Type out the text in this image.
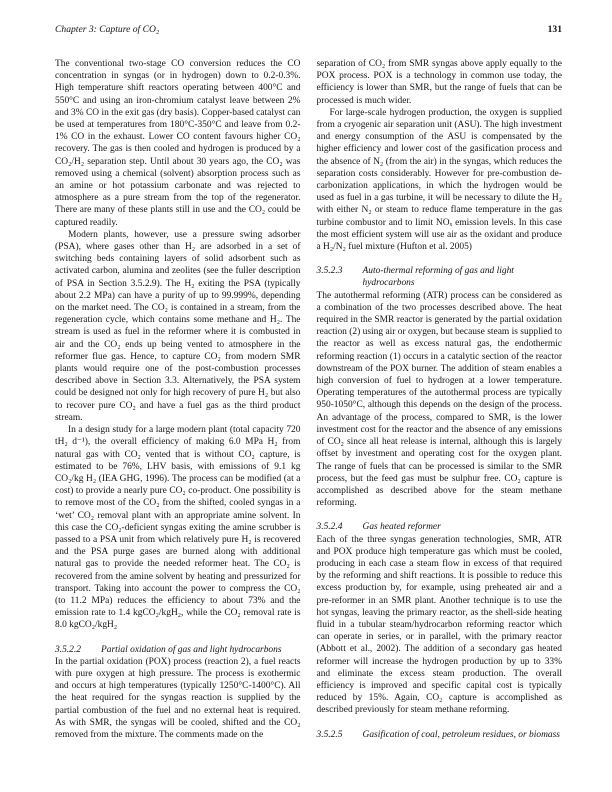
Chapter 3: Capture of CO₂	131

The conventional two-stage CO conversion reduces the CO concentration in syngas (or in hydrogen) down to 0.2-0.3%. High temperature shift reactors operating between 400°C and 550°C and using an iron-chromium catalyst leave between 2% and 3% CO in the exit gas (dry basis). Copper-based catalyst can be used at temperatures from 180°C-350°C and leave from 0.2-1% CO in the exhaust. Lower CO content favours higher CO₂ recovery. The gas is then cooled and hydrogen is produced by a CO₂/H₂ separation step. Until about 30 years ago, the CO₂ was removed using a chemical (solvent) absorption process such as an amine or hot potassium carbonate and was rejected to atmosphere as a pure stream from the top of the regenerator. There are many of these plants still in use and the CO₂ could be captured readily.

Modern plants, however, use a pressure swing adsorber (PSA), where gases other than H₂ are adsorbed in a set of switching beds containing layers of solid adsorbent such as activated carbon, alumina and zeolites (see the fuller description of PSA in Section 3.5.2.9). The H₂ exiting the PSA (typically about 2.2 MPa) can have a purity of up to 99.999%, depending on the market need. The CO₂ is contained in a stream, from the regeneration cycle, which contains some methane and H₂. The stream is used as fuel in the reformer where it is combusted in air and the CO₂ ends up being vented to atmosphere in the reformer flue gas. Hence, to capture CO₂ from modern SMR plants would require one of the post-combustion processes described above in Section 3.3. Alternatively, the PSA system could be designed not only for high recovery of pure H₂ but also to recover pure CO₂ and have a fuel gas as the third product stream.

In a design study for a large modern plant (total capacity 720 tH₂ d⁻¹), the overall efficiency of making 6.0 MPa H₂ from natural gas with CO₂ vented that is without CO₂ capture, is estimated to be 76%, LHV basis, with emissions of 9.1 kg CO₂/kg H₂ (IEA GHG, 1996). The process can be modified (at a cost) to provide a nearly pure CO₂ co-product. One possibility is to remove most of the CO₂ from the shifted, cooled syngas in a ‘wet’ CO₂ removal plant with an appropriate amine solvent. In this case the CO₂-deficient syngas exiting the amine scrubber is passed to a PSA unit from which relatively pure H₂ is recovered and the PSA purge gases are burned along with additional natural gas to provide the needed reformer heat. The CO₂ is recovered from the amine solvent by heating and pressurized for transport. Taking into account the power to compress the CO₂ (to 11.2 MPa) reduces the efficiency to about 73% and the emission rate to 1.4 kgCO₂/kgH₂, while the CO₂ removal rate is 8.0 kgCO₂/kgH₂

3.5.2.2	Partial oxidation of gas and light hydrocarbons

In the partial oxidation (POX) process (reaction 2), a fuel reacts with pure oxygen at high pressure. The process is exothermic and occurs at high temperatures (typically 1250°C-1400°C). All the heat required for the syngas reaction is supplied by the partial combustion of the fuel and no external heat is required. As with SMR, the syngas will be cooled, shifted and the CO₂ removed from the mixture. The comments made on the

separation of CO₂ from SMR syngas above apply equally to the POX process. POX is a technology in common use today, the efficiency is lower than SMR, but the range of fuels that can be processed is much wider.

For large-scale hydrogen production, the oxygen is supplied from a cryogenic air separation unit (ASU). The high investment and energy consumption of the ASU is compensated by the higher efficiency and lower cost of the gasification process and the absence of N₂ (from the air) in the syngas, which reduces the separation costs considerably. However for pre-combustion de-carbonization applications, in which the hydrogen would be used as fuel in a gas turbine, it will be necessary to dilute the H₂ with either N₂ or steam to reduce flame temperature in the gas turbine combustor and to limit NOₓ emission levels. In this case the most efficient system will use air as the oxidant and produce a H₂/N₂ fuel mixture (Hufton et al. 2005)

3.5.2.3	Auto-thermal reforming of gas and light hydrocarbons

The autothermal reforming (ATR) process can be considered as a combination of the two processes described above. The heat required in the SMR reactor is generated by the partial oxidation reaction (2) using air or oxygen, but because steam is supplied to the reactor as well as excess natural gas, the endothermic reforming reaction (1) occurs in a catalytic section of the reactor downstream of the POX burner. The addition of steam enables a high conversion of fuel to hydrogen at a lower temperature. Operating temperatures of the autothermal process are typically 950-1050°C, although this depends on the design of the process. An advantage of the process, compared to SMR, is the lower investment cost for the reactor and the absence of any emissions of CO₂ since all heat release is internal, although this is largely offset by investment and operating cost for the oxygen plant. The range of fuels that can be processed is similar to the SMR process, but the feed gas must be sulphur free. CO₂ capture is accomplished as described above for the steam methane reforming.

3.5.2.4	Gas heated reformer

Each of the three syngas generation technologies, SMR, ATR and POX produce high temperature gas which must be cooled, producing in each case a steam flow in excess of that required by the reforming and shift reactions. It is possible to reduce this excess production by, for example, using preheated air and a pre-reformer in an SMR plant. Another technique is to use the hot syngas, leaving the primary reactor, as the shell-side heating fluid in a tubular steam/hydrocarbon reforming reactor which can operate in series, or in parallel, with the primary reactor (Abbott et al., 2002). The addition of a secondary gas heated reformer will increase the hydrogen production by up to 33% and eliminate the excess steam production. The overall efficiency is improved and specific capital cost is typically reduced by 15%. Again, CO₂ capture is accomplished as described previously for steam methane reforming.

3.5.2.5	Gasification of coal, petroleum residues, or biomass
